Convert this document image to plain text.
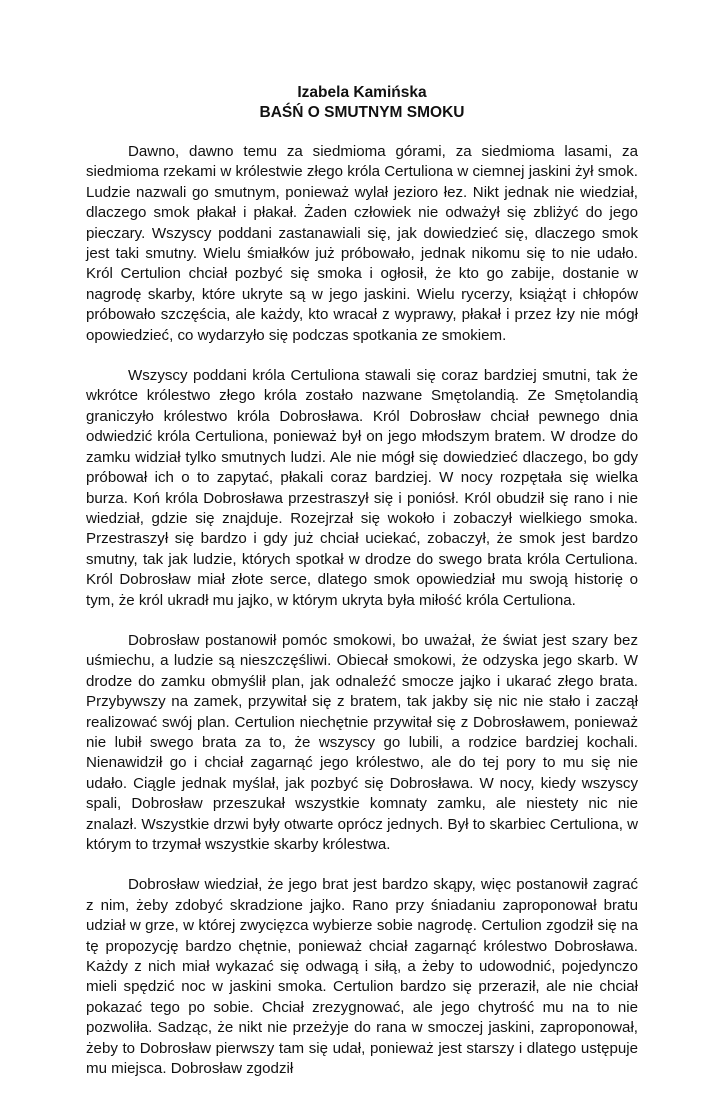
Izabela Kamińska
BAŚŃ O SMUTNYM SMOKU

Dawno, dawno temu za siedmioma górami, za siedmioma lasami, za siedmioma rzekami w królestwie złego króla Certuliona w ciemnej jaskini żył smok. Ludzie nazwali go smutnym, ponieważ wylał jezioro łez. Nikt jednak nie wiedział, dlaczego smok płakał i płakał. Żaden człowiek nie odważył się zbliżyć do jego pieczary. Wszyscy poddani zastanawiali się, jak dowiedzieć się, dlaczego smok jest taki smutny. Wielu śmiałków już próbowało, jednak nikomu się to nie udało. Król Certulion chciał pozbyć się smoka i ogłosił, że kto go zabije, dostanie w nagrodę skarby, które ukryte są w jego jaskini. Wielu rycerzy, książąt i chłopów próbowało szczęścia, ale każdy, kto wracał z wyprawy, płakał i przez łzy nie mógł opowiedzieć, co wydarzyło się podczas spotkania ze smokiem.

Wszyscy poddani króla Certuliona stawali się coraz bardziej smutni, tak że wkrótce królestwo złego króla zostało nazwane Smętolandią. Ze Smętolandią graniczyło królestwo króla Dobrosława. Król Dobrosław chciał pewnego dnia odwiedzić króla Certuliona, ponieważ był on jego młodszym bratem. W drodze do zamku widział tylko smutnych ludzi. Ale nie mógł się dowiedzieć dlaczego, bo gdy próbował ich o to zapytać, płakali coraz bardziej. W nocy rozpętała się wielka burza. Koń króla Dobrosława przestraszył się i poniósł. Król obudził się rano i nie wiedział, gdzie się znajduje. Rozejrzał się wokoło i zobaczył wielkiego smoka. Przestraszył się bardzo i gdy już chciał uciekać, zobaczył, że smok jest bardzo smutny, tak jak ludzie, których spotkał w drodze do swego brata króla Certuliona. Król Dobrosław miał złote serce, dlatego smok opowiedział mu swoją historię o tym, że król ukradł mu jajko, w którym ukryta była miłość króla Certuliona.

Dobrosław postanowił pomóc smokowi, bo uważał, że świat jest szary bez uśmiechu, a ludzie są nieszczęśliwi. Obiecał smokowi, że odzyska jego skarb. W drodze do zamku obmyślił plan, jak odnaleźć smocze jajko i ukarać złego brata. Przybywszy na zamek, przywitał się z bratem, tak jakby się nic nie stało i zaczął realizować swój plan. Certulion niechętnie przywitał się z Dobrosławem, ponieważ nie lubił swego brata za to, że wszyscy go lubili, a rodzice bardziej kochali. Nienawidził go i chciał zagarnąć jego królestwo, ale do tej pory to mu się nie udało. Ciągle jednak myślał, jak pozbyć się Dobrosława. W nocy, kiedy wszyscy spali, Dobrosław przeszukał wszystkie komnaty zamku, ale niestety nic nie znalazł. Wszystkie drzwi były otwarte oprócz jednych. Był to skarbiec Certuliona, w którym to trzymał wszystkie skarby królestwa.

Dobrosław wiedział, że jego brat jest bardzo skąpy, więc postanowił zagrać z nim, żeby zdobyć skradzione jajko. Rano przy śniadaniu zaproponował bratu udział w grze, w której zwycięzca wybierze sobie nagrodę. Certulion zgodził się na tę propozycję bardzo chętnie, ponieważ chciał zagarnąć królestwo Dobrosława. Każdy z nich miał wykazać się odwagą i siłą, a żeby to udowodnić, pojedynczo mieli spędzić noc w jaskini smoka. Certulion bardzo się przeraził, ale nie chciał pokazać tego po sobie. Chciał zrezygnować, ale jego chytrość mu na to nie pozwoliła. Sadząc, że nikt nie przeżyje do rana w smoczej jaskini, zaproponował, żeby to Dobrosław pierwszy tam się udał, ponieważ jest starszy i dlatego ustępuje mu miejsca. Dobrosław zgodził
